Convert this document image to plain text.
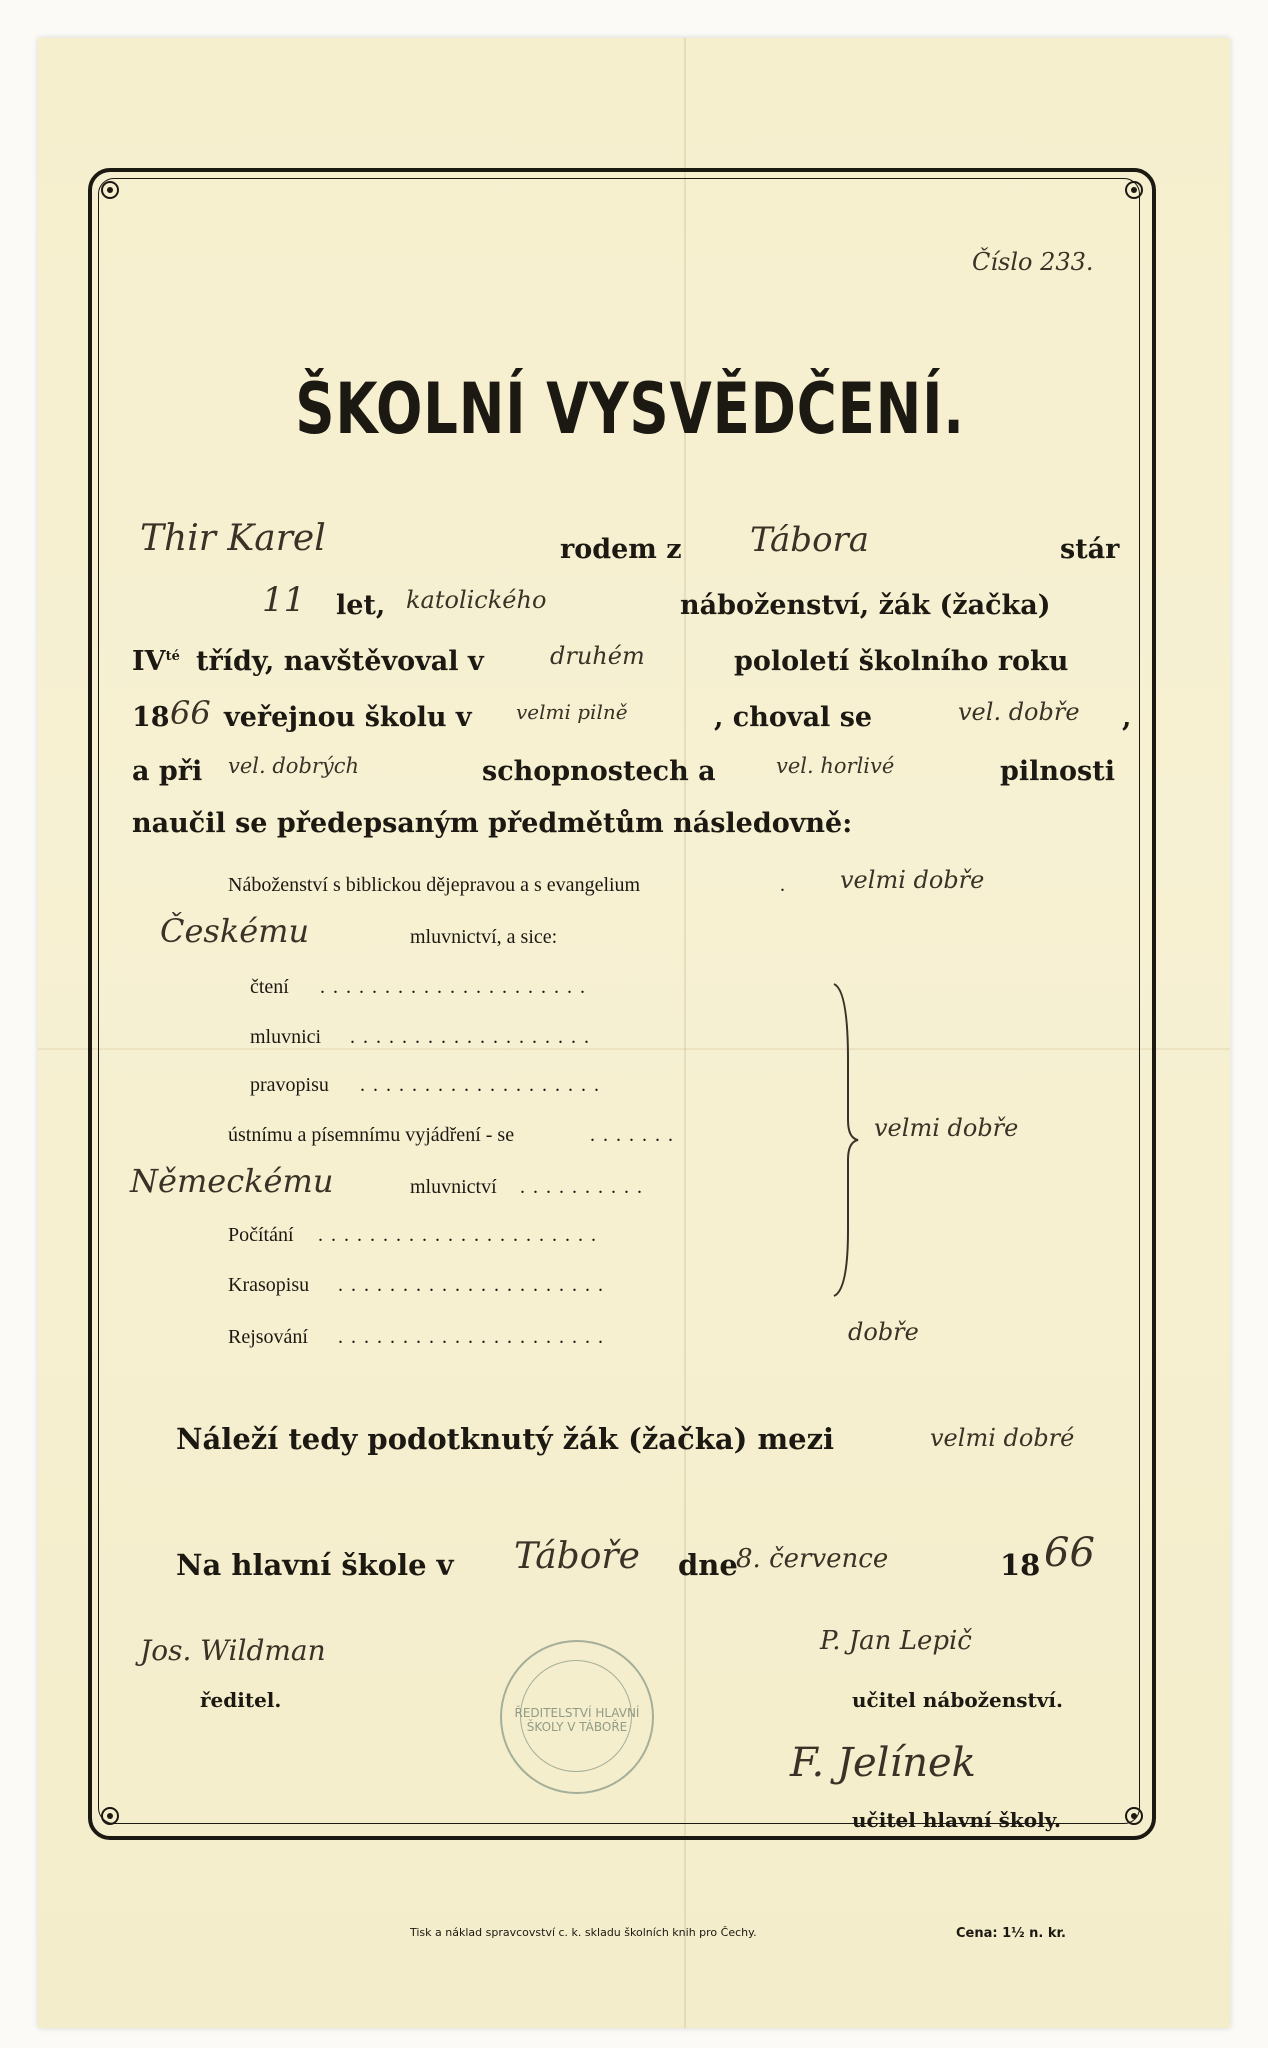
Číslo 233.
ŠKOLNÍ VYSVĚDČENÍ.
Thir Karel	rodem z Tábora	stár
11 let, katolického	náboženství, žák (žačka)
$IV^{té}$ třídy, navštěvoval v	druhém	pololetí školního roku
18 66 veřejnou školu v velmi pilně	, choval se	vel. dobře ,
a při vel. dobrých	schopnostech a	vel. horlivé	pilnosti
naučil se předepsaným předmětům následovně:
Náboženství s biblickou dějepravou a s evangelium	. velmi dobře
Českému	mluvnictví, a sice:
čtení .....................
mluvnici ...................
pravopisu ...................
ústnímu a písemnímu vyjádření - se	.......
Německému	mluvnictví ..........
Počítání ......................
Krasopisu .....................
Rejsování .....................	dobře
velmi dobře
Náleží tedy podotknutý žák (žačka) mezi	velmi dobré
Na hlavní škole v Táboře dne
8. července	18 66
Jos. Wildman
ředitel.
P. Jan Lepič
učitel náboženství.
F. Jelínek
učitel hlavní školy.
ŘEDITELSTVÍ HLAVNÍ ŠKOLY V TÁBOŘE
Tisk a náklad spravcovství c. k. skladu školních knih pro Čechy.	Cena: 1½ n. kr.
